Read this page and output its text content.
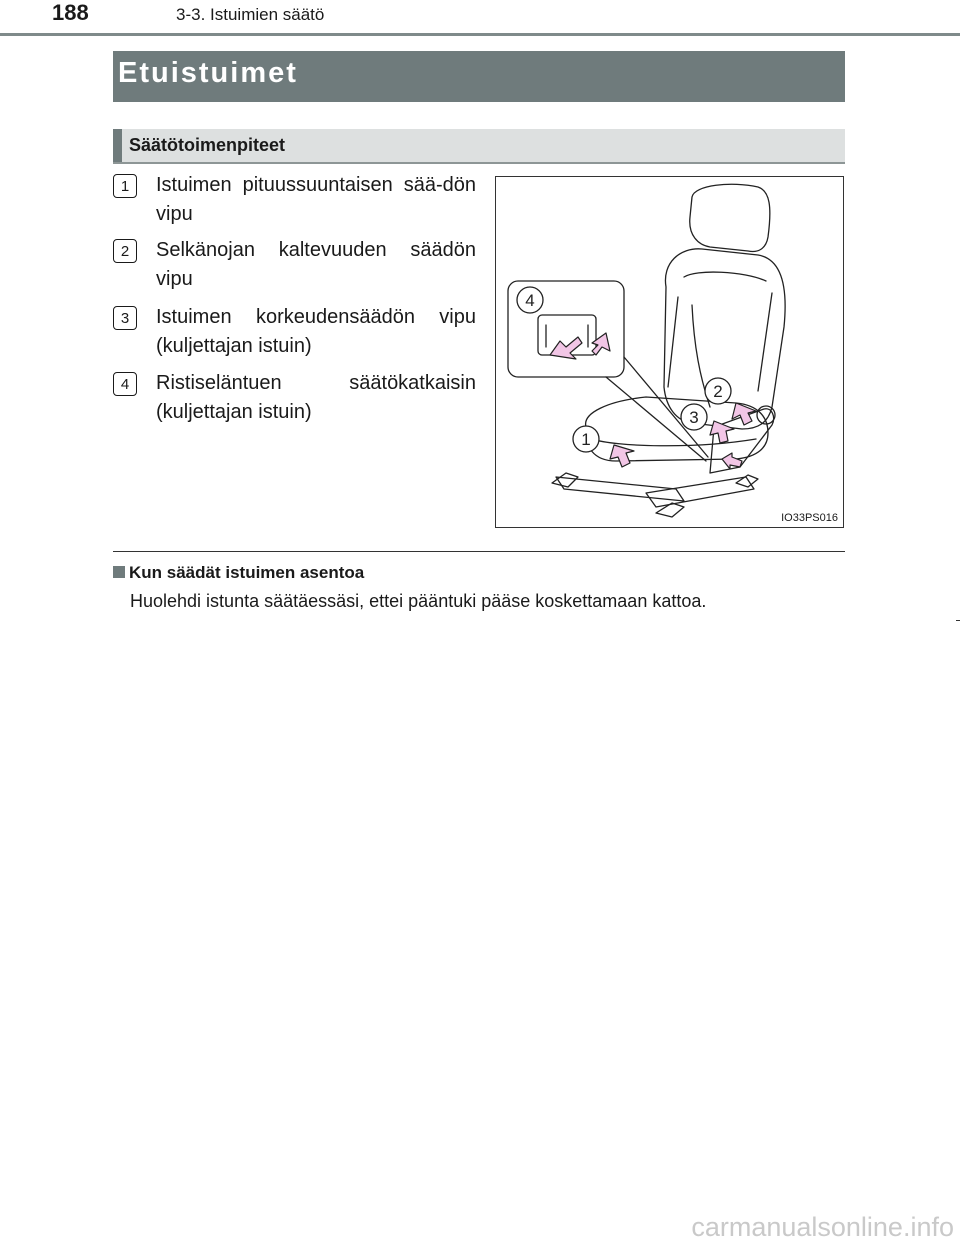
188	3-3. Istuimien säätö
Etuistuimet
Säätötoimenpiteet
1	Istuimen pituussuuntaisen sää-dön vipu
2	Selkänojan kaltevuuden säädön vipu
3	Istuimen korkeudensäädön vipu (kuljettajan istuin)
4	Ristiseläntuen säätökatkaisin (kuljettajan istuin)
1
2
3
4
IO33PS016
Kun säädät istuimen asentoa
Huolehdi istunta säätäessäsi, ettei pääntuki pääse koskettamaan kattoa.
carmanualsonline.info
